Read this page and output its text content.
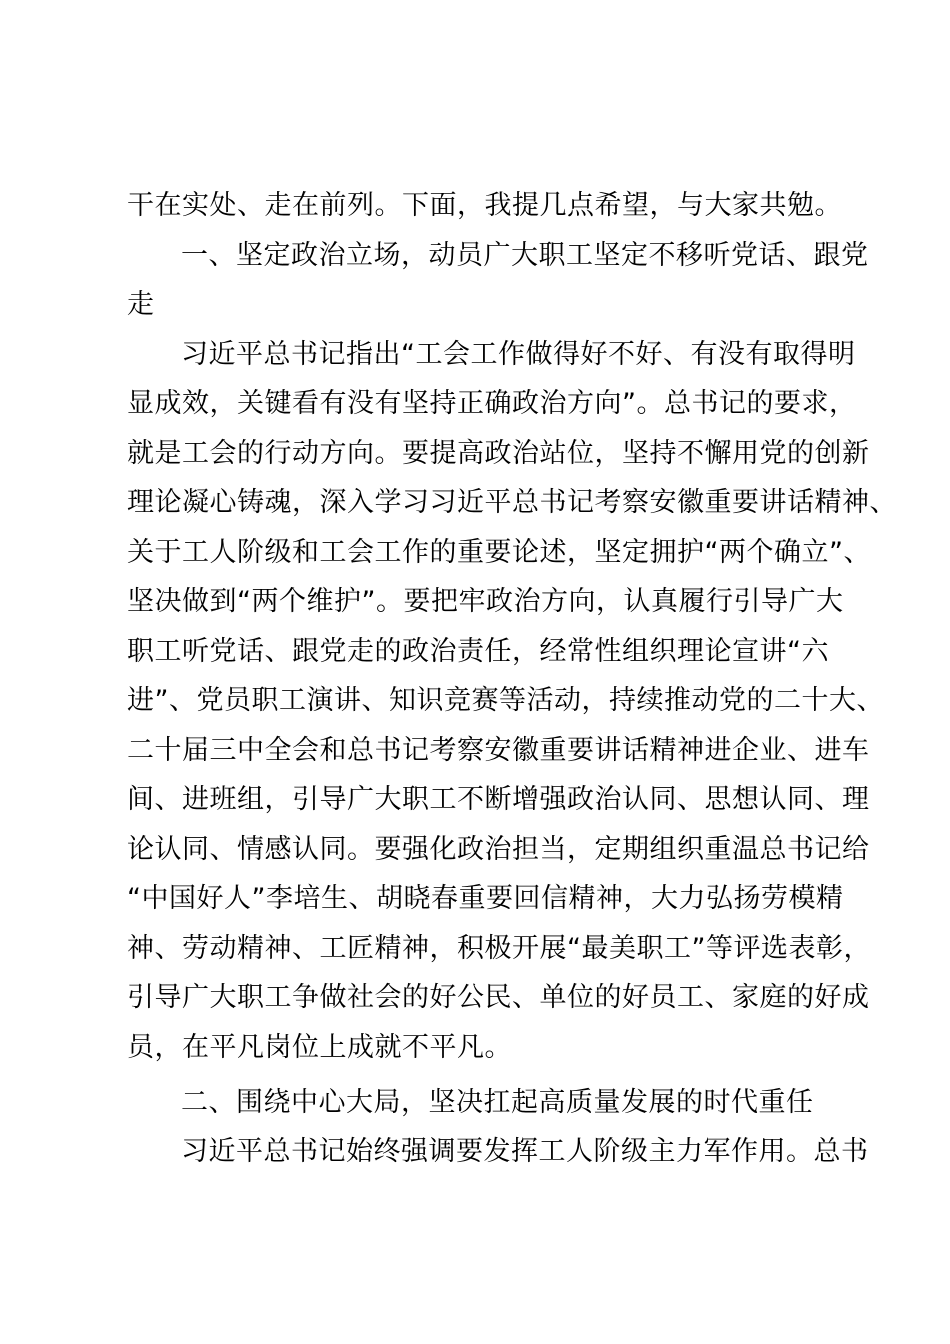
干在实处、走在前列。下面，我提几点希望，与大家共勉。
一、坚定政治立场，动员广大职工坚定不移听党话、跟党
走
习近平总书记指出“工会工作做得好不好、有没有取得明
显成效，关键看有没有坚持正确政治方向”。总书记的要求，
就是工会的行动方向。要提高政治站位，坚持不懈用党的创新
理论凝心铸魂，深入学习习近平总书记考察安徽重要讲话精神、
关于工人阶级和工会工作的重要论述，坚定拥护“两个确立”、
坚决做到“两个维护”。要把牢政治方向，认真履行引导广大
职工听党话、跟党走的政治责任，经常性组织理论宣讲“六
进”、党员职工演讲、知识竞赛等活动，持续推动党的二十大、
二十届三中全会和总书记考察安徽重要讲话精神进企业、进车
间、进班组，引导广大职工不断增强政治认同、思想认同、理
论认同、情感认同。要强化政治担当，定期组织重温总书记给
“中国好人”李培生、胡晓春重要回信精神，大力弘扬劳模精
神、劳动精神、工匠精神，积极开展“最美职工”等评选表彰，
引导广大职工争做社会的好公民、单位的好员工、家庭的好成
员，在平凡岗位上成就不平凡。
二、围绕中心大局，坚决扛起高质量发展的时代重任
习近平总书记始终强调要发挥工人阶级主力军作用。总书
